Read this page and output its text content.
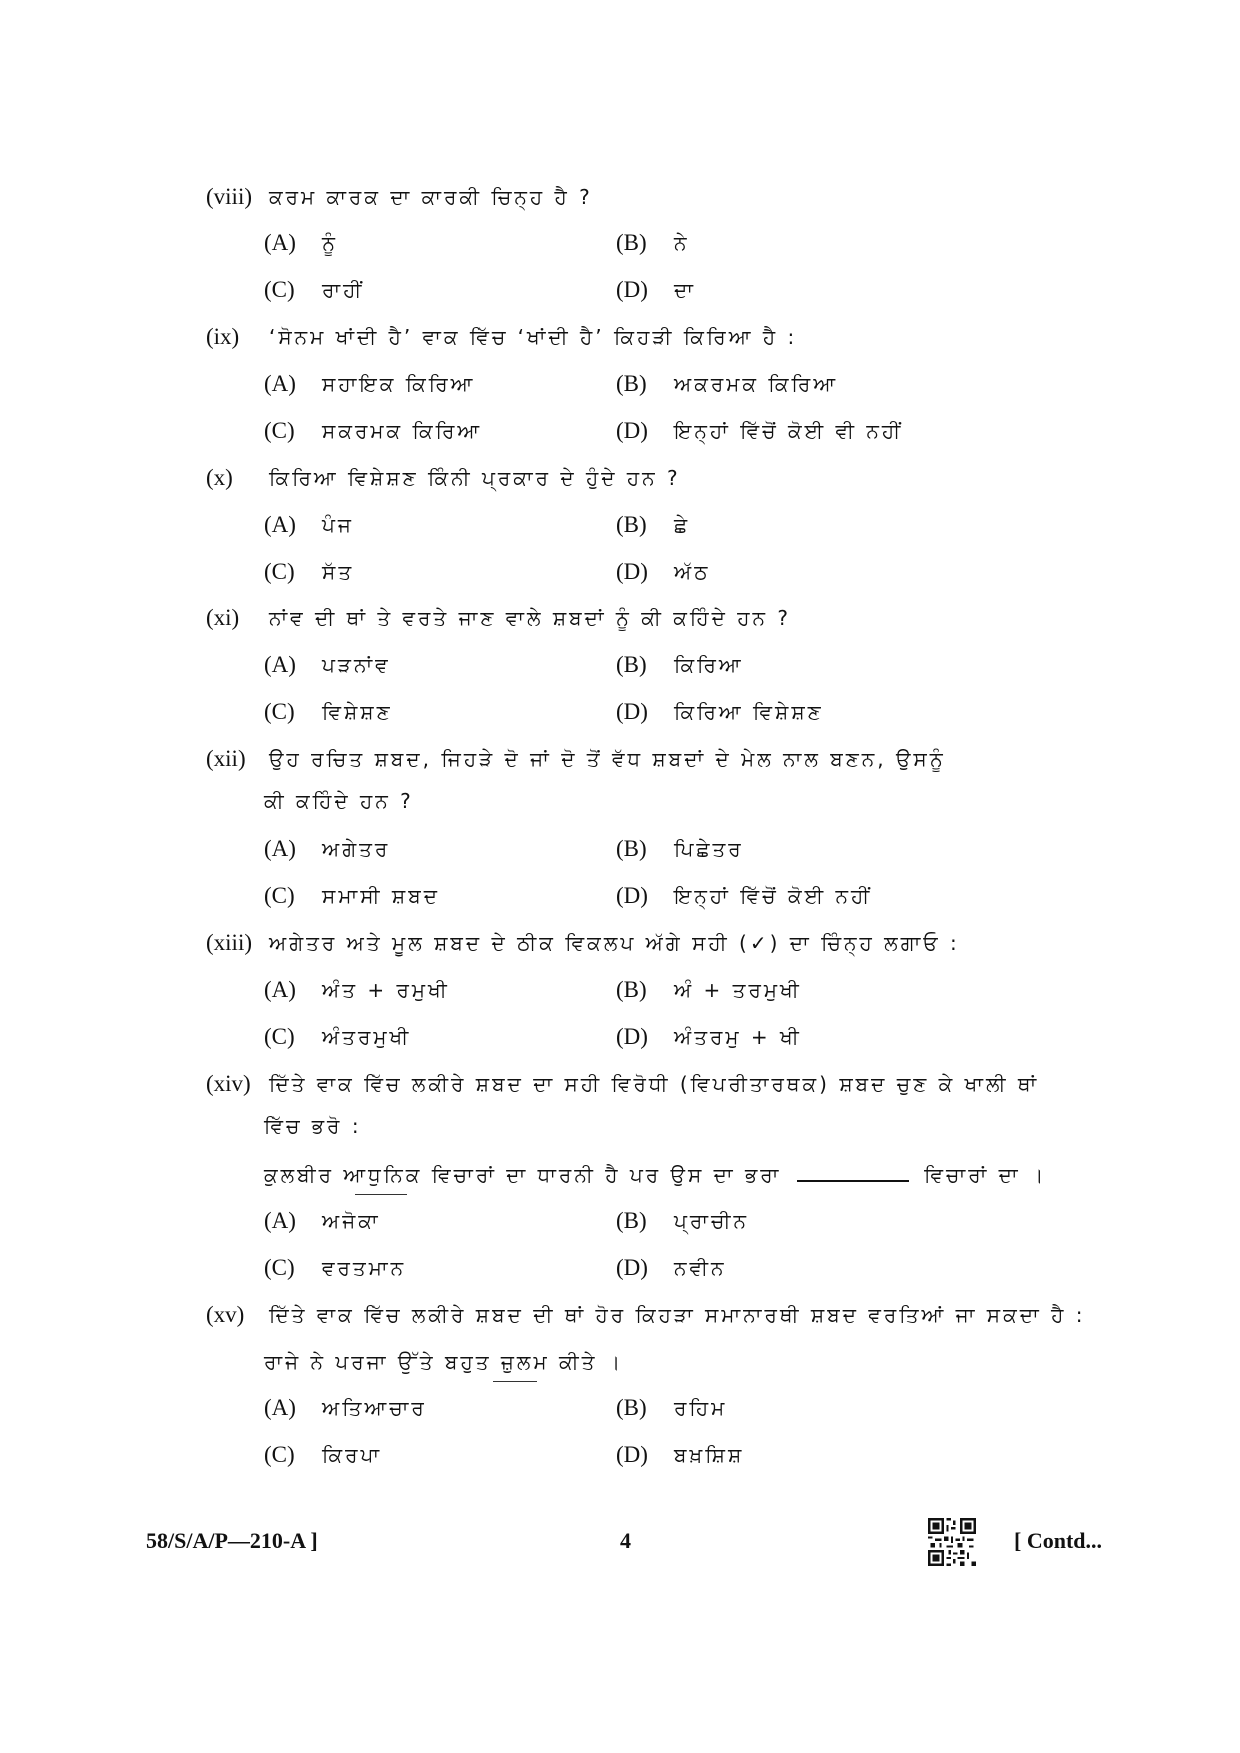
(viii) ਕਰਮ ਕਾਰਕ ਦਾ ਕਾਰਕੀ ਚਿਨ੍ਹ ਹੈ ?
(A) ਨੂੰ	(B) ਨੇ
(C) ਰਾਹੀਂ	(D) ਦਾ
(ix) ‘ਸੋਨਮ ਖਾਂਦੀ ਹੈ’ ਵਾਕ ਵਿੱਚ ‘ਖਾਂਦੀ ਹੈ’ ਕਿਹੜੀ ਕਿਰਿਆ ਹੈ :
(A) ਸਹਾਇਕ ਕਿਰਿਆ	(B) ਅਕਰਮਕ ਕਿਰਿਆ
(C) ਸਕਰਮਕ ਕਿਰਿਆ	(D) ਇਨ੍ਹਾਂ ਵਿੱਚੋਂ ਕੋਈ ਵੀ ਨਹੀਂ
(x) ਕਿਰਿਆ ਵਿਸ਼ੇਸ਼ਣ ਕਿੰਨੀ ਪ੍ਰਕਾਰ ਦੇ ਹੁੰਦੇ ਹਨ ?
(A) ਪੰਜ	(B) ਛੇ
(C) ਸੱਤ	(D) ਅੱਠ
(xi) ਨਾਂਵ ਦੀ ਥਾਂ ਤੇ ਵਰਤੇ ਜਾਣ ਵਾਲੇ ਸ਼ਬਦਾਂ ਨੂੰ ਕੀ ਕਹਿੰਦੇ ਹਨ ?
(A) ਪੜਨਾਂਵ	(B) ਕਿਰਿਆ
(C) ਵਿਸ਼ੇਸ਼ਣ	(D) ਕਿਰਿਆ ਵਿਸ਼ੇਸ਼ਣ
(xii) ਉਹ ਰਚਿਤ ਸ਼ਬਦ, ਜਿਹੜੇ ਦੋ ਜਾਂ ਦੋ ਤੋਂ ਵੱਧ ਸ਼ਬਦਾਂ ਦੇ ਮੇਲ ਨਾਲ ਬਣਨ, ਉਸਨੂੰ
ਕੀ ਕਹਿੰਦੇ ਹਨ ?
(A) ਅਗੇਤਰ	(B) ਪਿਛੇਤਰ
(C) ਸਮਾਸੀ ਸ਼ਬਦ	(D) ਇਨ੍ਹਾਂ ਵਿੱਚੋਂ ਕੋਈ ਨਹੀਂ
(xiii) ਅਗੇਤਰ ਅਤੇ ਮੂਲ ਸ਼ਬਦ ਦੇ ਠੀਕ ਵਿਕਲਪ ਅੱਗੇ ਸਹੀ (✓) ਦਾ ਚਿੰਨ੍ਹ ਲਗਾਓ :
(A) ਅੰਤ + ਰਮੁਖੀ	(B) ਅੰ + ਤਰਮੁਖੀ
(C) ਅੰਤਰਮੁਖੀ	(D) ਅੰਤਰਮੁ + ਖੀ
(xiv) ਦਿੱਤੇ ਵਾਕ ਵਿੱਚ ਲਕੀਰੇ ਸ਼ਬਦ ਦਾ ਸਹੀ ਵਿਰੋਧੀ (ਵਿਪਰੀਤਾਰਥਕ) ਸ਼ਬਦ ਚੁਣ ਕੇ ਖਾਲੀ ਥਾਂ
ਵਿੱਚ ਭਰੋ :
ਕੁਲਬੀਰ ਆਧੁਨਿਕ ਵਿਚਾਰਾਂ ਦਾ ਧਾਰਨੀ ਹੈ ਪਰ ਉਸ ਦਾ ਭਰਾ	ਵਿਚਾਰਾਂ ਦਾ ।
(A) ਅਜੋਕਾ	(B) ਪ੍ਰਾਚੀਨ
(C) ਵਰਤਮਾਨ	(D) ਨਵੀਨ
(xv) ਦਿੱਤੇ ਵਾਕ ਵਿੱਚ ਲਕੀਰੇ ਸ਼ਬਦ ਦੀ ਥਾਂ ਹੋਰ ਕਿਹੜਾ ਸਮਾਨਾਰਥੀ ਸ਼ਬਦ ਵਰਤਿਆਂ ਜਾ ਸਕਦਾ ਹੈ :
ਰਾਜੇ ਨੇ ਪਰਜਾ ਉੱਤੇ ਬਹੁਤ ਜ਼ੁਲਮ ਕੀਤੇ ।
(A) ਅਤਿਆਚਾਰ	(B) ਰਹਿਮ
(C) ਕਿਰਪਾ	(D) ਬਖ਼ਸ਼ਿਸ਼
58/S/A/P—210-A ]	4	[ Contd...
